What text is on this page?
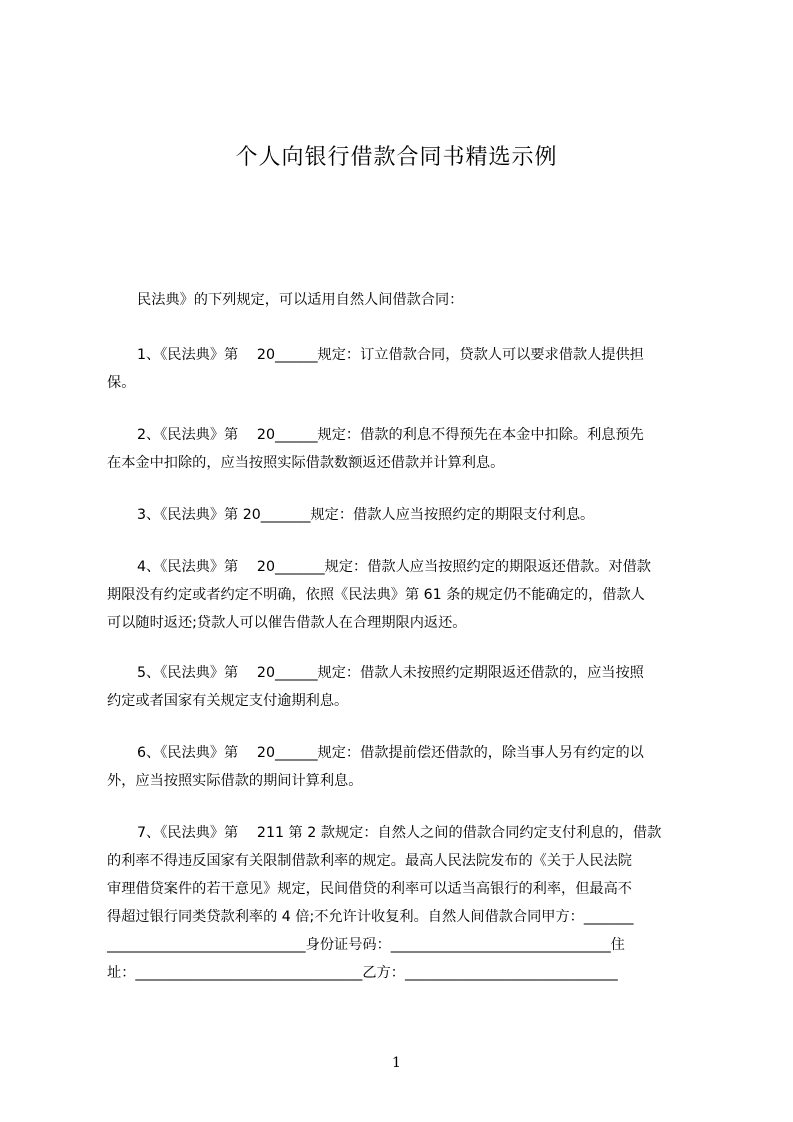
个人向银行借款合同书精选示例
民法典》的下列规定，可以适用自然人间借款合同：
1、《民法典》第　 20______规定：订立借款合同，贷款人可以要求借款人提供担
保。
2、《民法典》第　 20______规定：借款的利息不得预先在本金中扣除。利息预先
在本金中扣除的，应当按照实际借款数额返还借款并计算利息。
3、《民法典》第 20_______规定：借款人应当按照约定的期限支付利息。
4、《民法典》第　 20_______规定：借款人应当按照约定的期限返还借款。对借款
期限没有约定或者约定不明确，依照《民法典》第 61 条的规定仍不能确定的，借款人
可以随时返还;贷款人可以催告借款人在合理期限内返还。
5、《民法典》第　 20______规定：借款人未按照约定期限返还借款的，应当按照
约定或者国家有关规定支付逾期利息。
6、《民法典》第　 20______规定：借款提前偿还借款的，除当事人另有约定的以
外，应当按照实际借款的期间计算利息。
7、《民法典》第　 211 第 2 款规定：自然人之间的借款合同约定支付利息的，借款
的利率不得违反国家有关限制借款利率的规定。最高人民法院发布的《关于人民法院
审理借贷案件的若干意见》规定，民间借贷的利率可以适当高银行的利率，但最高不
得超过银行同类贷款利率的 4 倍;不允许计收复利。自然人间借款合同甲方：_______
____________________________身份证号码：_______________________________住
址：________________________________乙方：______________________________
1
